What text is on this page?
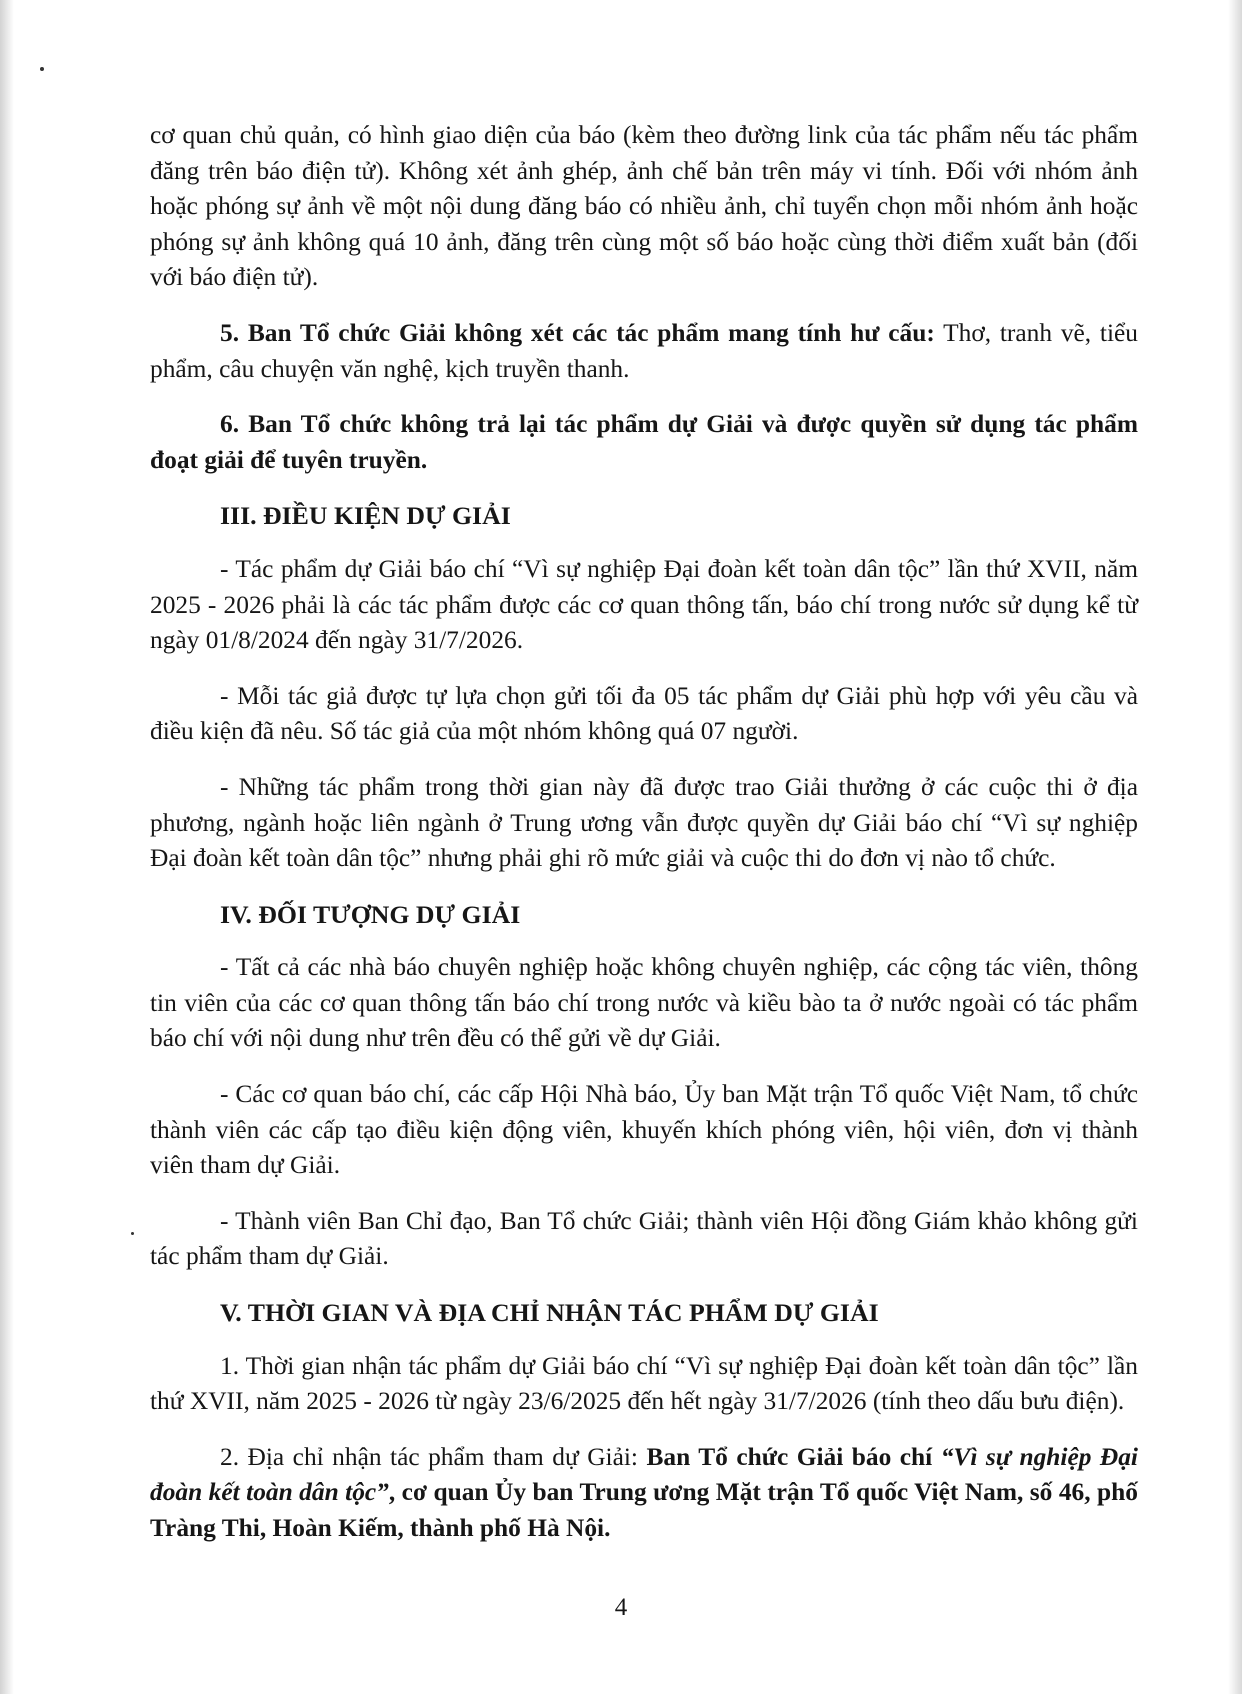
cơ quan chủ quản, có hình giao diện của báo (kèm theo đường link của tác phẩm nếu tác phẩm đăng trên báo điện tử). Không xét ảnh ghép, ảnh chế bản trên máy vi tính. Đối với nhóm ảnh hoặc phóng sự ảnh về một nội dung đăng báo có nhiều ảnh, chỉ tuyển chọn mỗi nhóm ảnh hoặc phóng sự ảnh không quá 10 ảnh, đăng trên cùng một số báo hoặc cùng thời điểm xuất bản (đối với báo điện tử).

5. Ban Tổ chức Giải không xét các tác phẩm mang tính hư cấu: Thơ, tranh vẽ, tiểu phẩm, câu chuyện văn nghệ, kịch truyền thanh.

6. Ban Tổ chức không trả lại tác phẩm dự Giải và được quyền sử dụng tác phẩm đoạt giải để tuyên truyền.

III. ĐIỀU KIỆN DỰ GIẢI

- Tác phẩm dự Giải báo chí “Vì sự nghiệp Đại đoàn kết toàn dân tộc” lần thứ XVII, năm 2025 - 2026 phải là các tác phẩm được các cơ quan thông tấn, báo chí trong nước sử dụng kể từ ngày 01/8/2024 đến ngày 31/7/2026.

- Mỗi tác giả được tự lựa chọn gửi tối đa 05 tác phẩm dự Giải phù hợp với yêu cầu và điều kiện đã nêu. Số tác giả của một nhóm không quá 07 người.

- Những tác phẩm trong thời gian này đã được trao Giải thưởng ở các cuộc thi ở địa phương, ngành hoặc liên ngành ở Trung ương vẫn được quyền dự Giải báo chí “Vì sự nghiệp Đại đoàn kết toàn dân tộc” nhưng phải ghi rõ mức giải và cuộc thi do đơn vị nào tổ chức.

IV. ĐỐI TƯỢNG DỰ GIẢI

- Tất cả các nhà báo chuyên nghiệp hoặc không chuyên nghiệp, các cộng tác viên, thông tin viên của các cơ quan thông tấn báo chí trong nước và kiều bào ta ở nước ngoài có tác phẩm báo chí với nội dung như trên đều có thể gửi về dự Giải.

- Các cơ quan báo chí, các cấp Hội Nhà báo, Ủy ban Mặt trận Tổ quốc Việt Nam, tổ chức thành viên các cấp tạo điều kiện động viên, khuyến khích phóng viên, hội viên, đơn vị thành viên tham dự Giải.

- Thành viên Ban Chỉ đạo, Ban Tổ chức Giải; thành viên Hội đồng Giám khảo không gửi tác phẩm tham dự Giải.

V. THỜI GIAN VÀ ĐỊA CHỈ NHẬN TÁC PHẨM DỰ GIẢI

1. Thời gian nhận tác phẩm dự Giải báo chí “Vì sự nghiệp Đại đoàn kết toàn dân tộc” lần thứ XVII, năm 2025 - 2026 từ ngày 23/6/2025 đến hết ngày 31/7/2026 (tính theo dấu bưu điện).

2. Địa chỉ nhận tác phẩm tham dự Giải: Ban Tổ chức Giải báo chí “Vì sự nghiệp Đại đoàn kết toàn dân tộc”, cơ quan Ủy ban Trung ương Mặt trận Tổ quốc Việt Nam, số 46, phố Tràng Thi, Hoàn Kiếm, thành phố Hà Nội.

4
